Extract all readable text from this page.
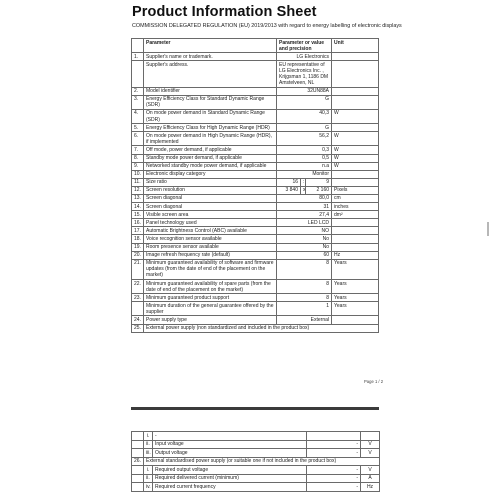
Product Information Sheet
COMMISSION DELEGATED REGULATION (EU) 2019/2013 with regard to energy labelling of electronic displays
	Parameter	Parameter or value and precision			Unit
1.	Supplier's name or trademark.	LG Electronics			
	Supplier's address.	EU representative of LG Electronics Inc. , Krijgsman 1, 1186 DM Amstelveen, NL			
2.	Model identifier	32UN88A			
3.	Energy Efficiency Class for Standard Dynamic Range (SDR)	G			
4.	On mode power demand in Standard Dynamic Range (SDR)	40,3			W
5.	Energy Efficiency Class for High Dynamic Range (HDR)	G			
6.	On mode power demand in High Dynamic Range (HDR), if implemented	56,2			W
7.	Off mode, power demand, if applicable	0,3			W
8.	Standby mode power demand, if applicable	0,5			W
9.	Networked standby mode power demand, if applicable	n.a			W
10.	Electronic display category	Monitor			
11.	Size ratio	16	:	9	
12.	Screen resolution	3 840	x	2 160	Pixels
13.	Screen diagonal	80,0			cm
14.	Screen diagonal	31			inches
15.	Visible screen area	27,4			dm²
16.	Panel technology used	LED LCD			
17.	Automatic Brightness Control (ABC) available	NO			
18.	Voice recognition sensor available	No			
19.	Room presence sensor available	No			
20.	Image refresh frequency rate (default)	60			Hz
21.	Minimum guaranteed availability of software and firmware updates (from the date of end of the placement on the market)	8			Years
22.	Minimum guaranteed availability of spare parts (from the date of end of the placement on the market)	8			Years
23.	Minimum guaranteed product support	8			Years
	Minimum duration of the general guarantee offered by the supplier	1			Years
24.	Power supply type	External			
25.	External power supply (non standardized and included in the product box)				
Page 1 / 2
	i.	-		
	ii.	Input voltage	-	V
	iii.	Output voltage	-	V
26.	External standardised power supply (or suitable one if not included in the product box)			
	i.	Required output voltage	-	V
	ii.	Required delivered current (minimum)	-	A
	iv.	Required current frequency	-	Hz
